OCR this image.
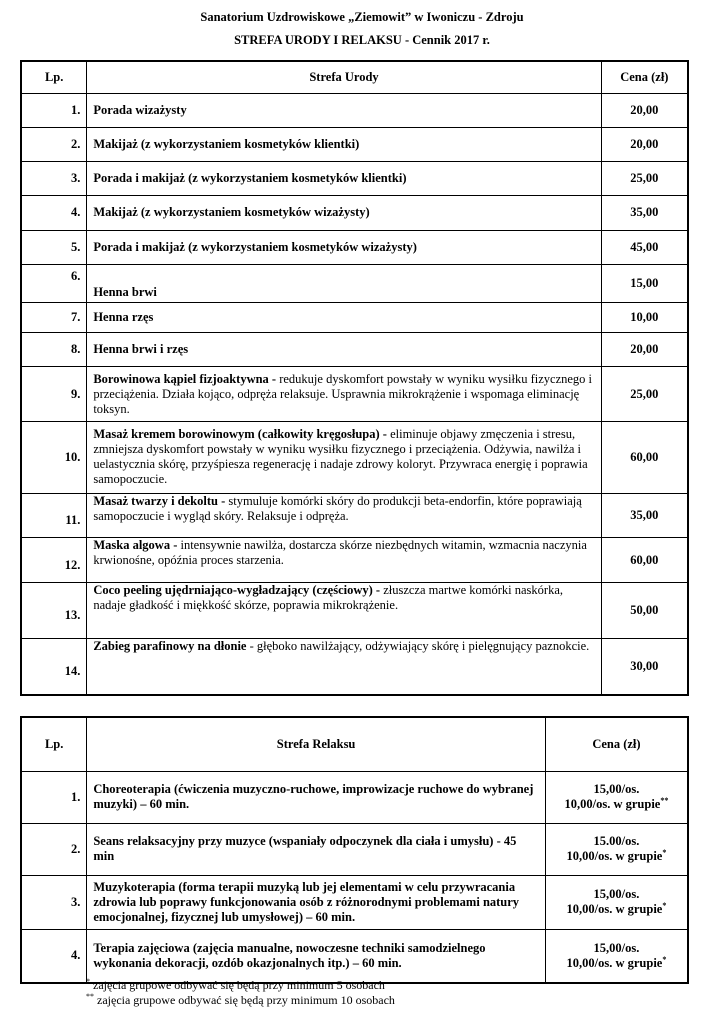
Sanatorium Uzdrowiskowe „Ziemowit” w Iwoniczu - Zdroju
STREFA URODY I RELAKSU - Cennik 2017 r.
Lp.	Strefa Urody	Cena (zł)
1.	Porada wizażysty	20,00
2.	Makijaż (z wykorzystaniem kosmetyków klientki)	20,00
3.	Porada i makijaż (z wykorzystaniem kosmetyków klientki)	25,00
4.	Makijaż (z wykorzystaniem kosmetyków wizażysty)	35,00
5.	Porada i makijaż (z wykorzystaniem kosmetyków wizażysty)	45,00
6.	Henna brwi	15,00
7.	Henna rzęs	10,00
8.	Henna brwi i rzęs	20,00
9.	Borowinowa kąpiel fizjoaktywna - redukuje dyskomfort powstały w wyniku wysiłku fizycznego i przeciążenia. Działa kojąco, odpręża relaksuje. Usprawnia mikrokrążenie i wspomaga eliminację toksyn.	25,00
10.	Masaż kremem borowinowym (całkowity kręgosłupa) - eliminuje objawy zmęczenia i stresu, zmniejsza dyskomfort powstały w wyniku wysiłku fizycznego i przeciążenia. Odżywia, nawilża i uelastycznia skórę, przyśpiesza regenerację i nadaje zdrowy koloryt. Przywraca energię i poprawia samopoczucie.	60,00
11.	Masaż twarzy i dekoltu - stymuluje komórki skóry do produkcji beta-endorfin, które poprawiają samopoczucie i wygląd skóry. Relaksuje i odpręża.	35,00
12.	Maska algowa - intensywnie nawilża, dostarcza skórze niezbędnych witamin, wzmacnia naczynia krwionośne, opóźnia proces starzenia.	60,00
13.	Coco peeling ujędrniająco-wygładzający (częściowy) - złuszcza martwe komórki naskórka, nadaje gładkość i miękkość skórze, poprawia mikrokrążenie.	50,00
14.	Zabieg parafinowy na dłonie - głęboko nawilżający, odżywiający skórę i pielęgnujący paznokcie.	30,00
Lp.	Strefa Relaksu	Cena (zł)
1.	Choreoterapia (ćwiczenia muzyczno-ruchowe, improwizacje ruchowe do wybranej muzyki) – 60 min.	15,00/os.
10,00/os. w grupie**

2.	Seans relaksacyjny przy muzyce (wspaniały odpoczynek dla ciała i umysłu) - 45 min	15.00/os.
10,00/os. w grupie*

3.	Muzykoterapia (forma terapii muzyką lub jej elementami w celu przywracania zdrowia lub poprawy funkcjonowania osób z różnorodnymi problemami natury emocjonalnej, fizycznej lub umysłowej) – 60 min.	15,00/os.
10,00/os. w grupie*

4.	Terapia zajęciowa (zajęcia manualne, nowoczesne techniki samodzielnego wykonania dekoracji, ozdób okazjonalnych itp.) – 60 min.	15,00/os.
10,00/os. w grupie*
* zajęcia grupowe odbywać się będą przy minimum 5 osobach
** zajęcia grupowe odbywać się będą przy minimum 10 osobach
